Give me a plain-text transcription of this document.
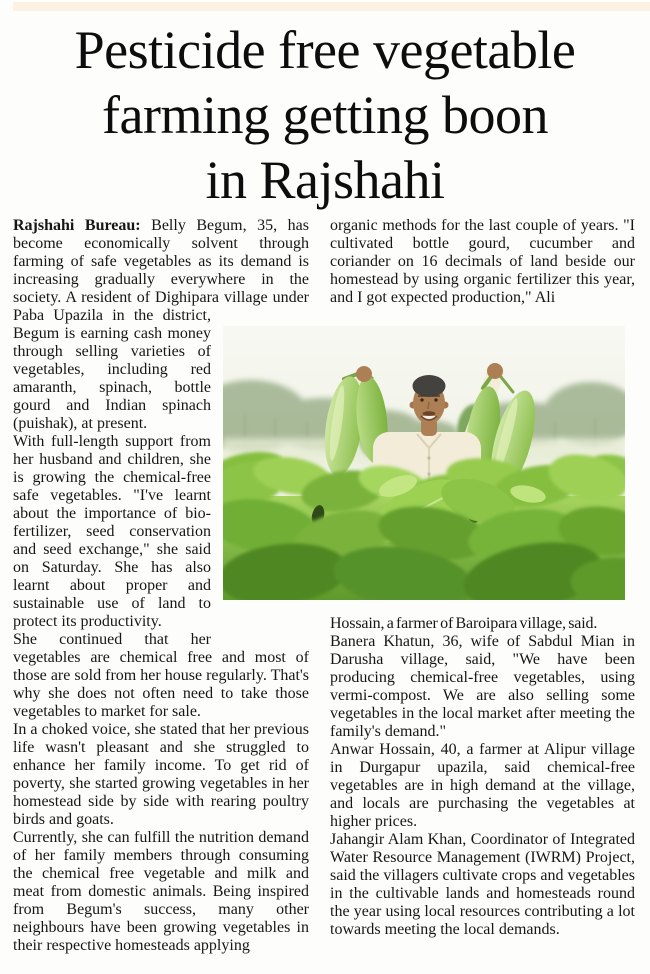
Pesticide free vegetable
farming getting boon
in Rajshahi

Rajshahi Bureau: Belly Begum, 35, has become economically solvent through farming of safe vegetables as its demand is increasing gradually everywhere in the society. A resident of Dighipara village under
Paba Upazila in the district, Begum is earning cash money through selling varieties of vegetables, including red amaranth, spinach, bottle gourd and Indian spinach (puishak), at present.

With full-length support from her husband and children, she is growing the chemical-free safe vegetables. "I've learnt about the importance of bio-fertilizer, seed conservation and seed exchange," she said on Saturday. She has also learnt about proper and sustainable use of land to protect its productivity.

She continued that her vegetables are chemical free and most of those are sold from her house regularly. That's why she does not often need to take those vegetables to market for sale.

In a choked voice, she stated that her previous life wasn't pleasant and she struggled to enhance her family income. To get rid of poverty, she started growing vegetables in her homestead side by side with rearing poultry birds and goats.

Currently, she can fulfill the nutrition demand of her family members through consuming the chemical free vegetable and milk and meat from domestic animals. Being inspired from Begum's success, many other neighbours have been growing vegetables in their respective homesteads applying

organic methods for the last couple of years. "I cultivated bottle gourd, cucumber and coriander on 16 decimals of land beside our homestead by using organic fertilizer this year, and I got expected production," Ali

Hossain, a farmer of Baroipara village, said.

Banera Khatun, 36, wife of Sabdul Mian in Darusha village, said, "We have been producing chemical-free vegetables, using vermi-compost. We are also selling some vegetables in the local market after meeting the family's demand."

Anwar Hossain, 40, a farmer at Alipur village in Durgapur upazila, said chemical-free vegetables are in high demand at the village, and locals are purchasing the vegetables at higher prices.

Jahangir Alam Khan, Coordinator of Integrated Water Resource Management (IWRM) Project, said the villagers cultivate crops and vegetables in the cultivable lands and homesteads round the year using local resources contributing a lot towards meeting the local demands.
